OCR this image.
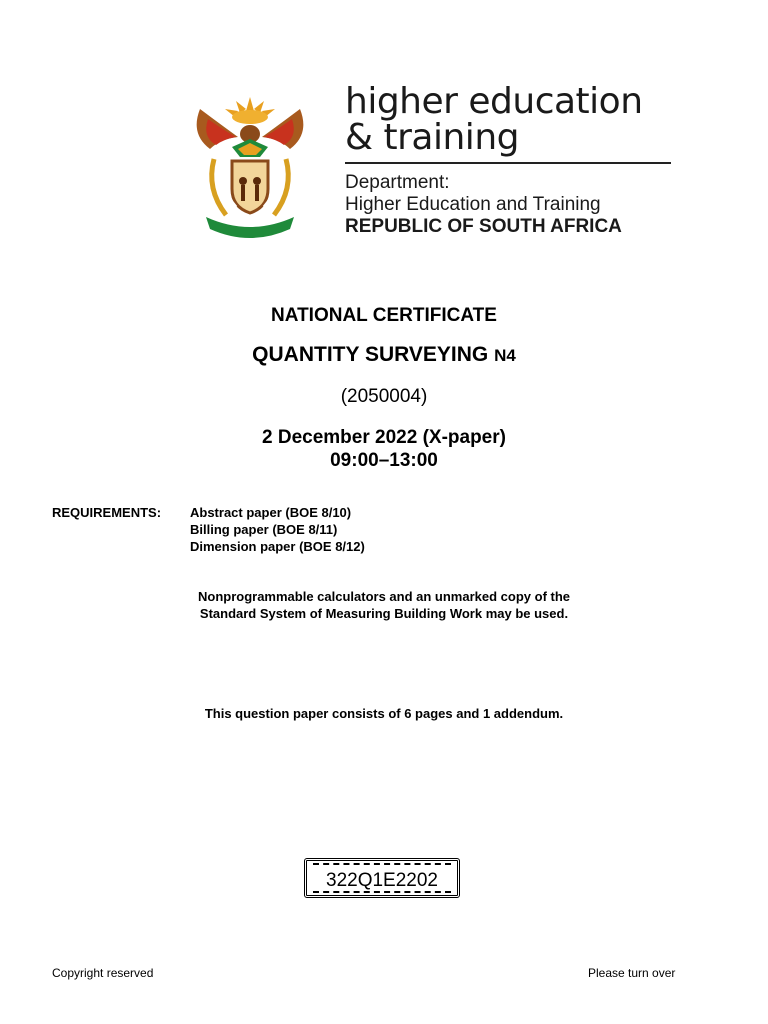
higher education
& training
Department:
Higher Education and Training
REPUBLIC OF SOUTH AFRICA
NATIONAL CERTIFICATE
QUANTITY SURVEYING N4
(2050004)
2 December 2022 (X-paper)
09:00–13:00
REQUIREMENTS: Abstract paper (BOE 8/10)
Billing paper (BOE 8/11)
Dimension paper (BOE 8/12)
Nonprogrammable calculators and an unmarked copy of the
Standard System of Measuring Building Work may be used.
This question paper consists of 6 pages and 1 addendum.
322Q1E2202
Copyright reserved	Please turn over
